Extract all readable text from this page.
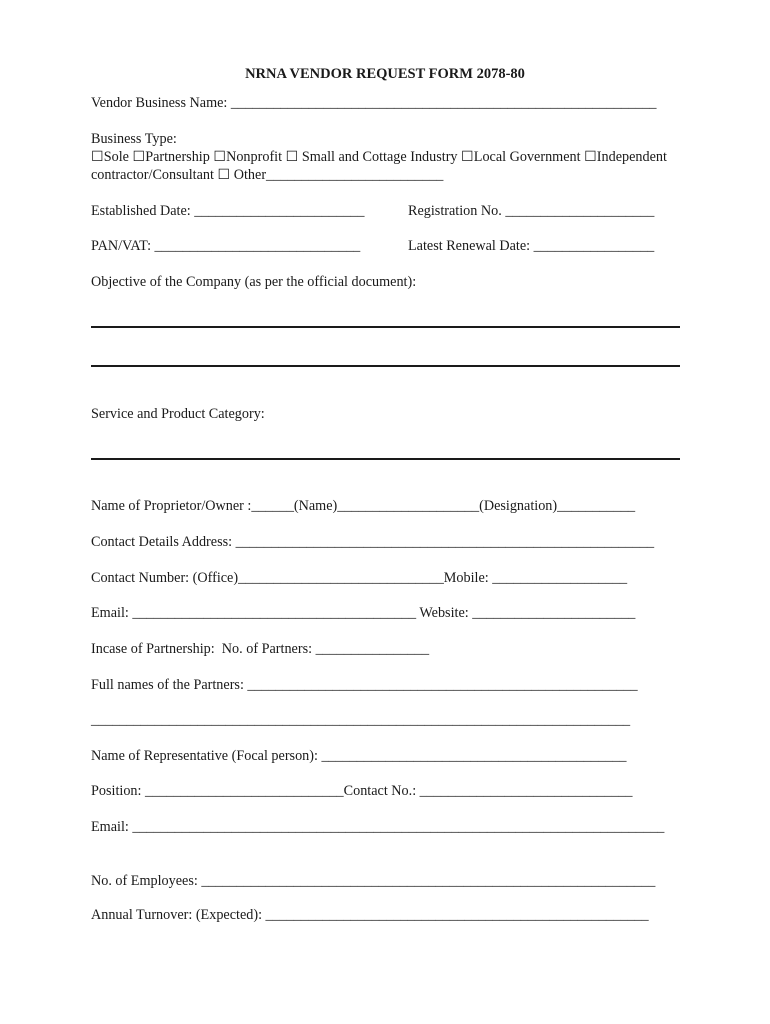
NRNA VENDOR REQUEST FORM 2078-80
Vendor Business Name: ____________________________________________________________
Business Type:
☐Sole ☐Partnership ☐Nonprofit ☐ Small and Cottage Industry ☐Local Government ☐Independent
contractor/Consultant ☐ Other_________________________
Established Date: ________________________	Registration No. _____________________
PAN/VAT: _____________________________	Latest Renewal Date: _________________
Objective of the Company (as per the official document):
Service and Product Category:
Name of Proprietor/Owner :______(Name)____________________(Designation)___________
Contact Details Address: ___________________________________________________________
Contact Number: (Office)_____________________________Mobile: ___________________
Email: ________________________________________ Website: _______________________
Incase of Partnership:  No. of Partners: ________________
Full names of the Partners: _______________________________________________________
____________________________________________________________________________
Name of Representative (Focal person): ___________________________________________
Position: ____________________________Contact No.: ______________________________
Email: ___________________________________________________________________________
No. of Employees: ________________________________________________________________
Annual Turnover: (Expected): ______________________________________________________
